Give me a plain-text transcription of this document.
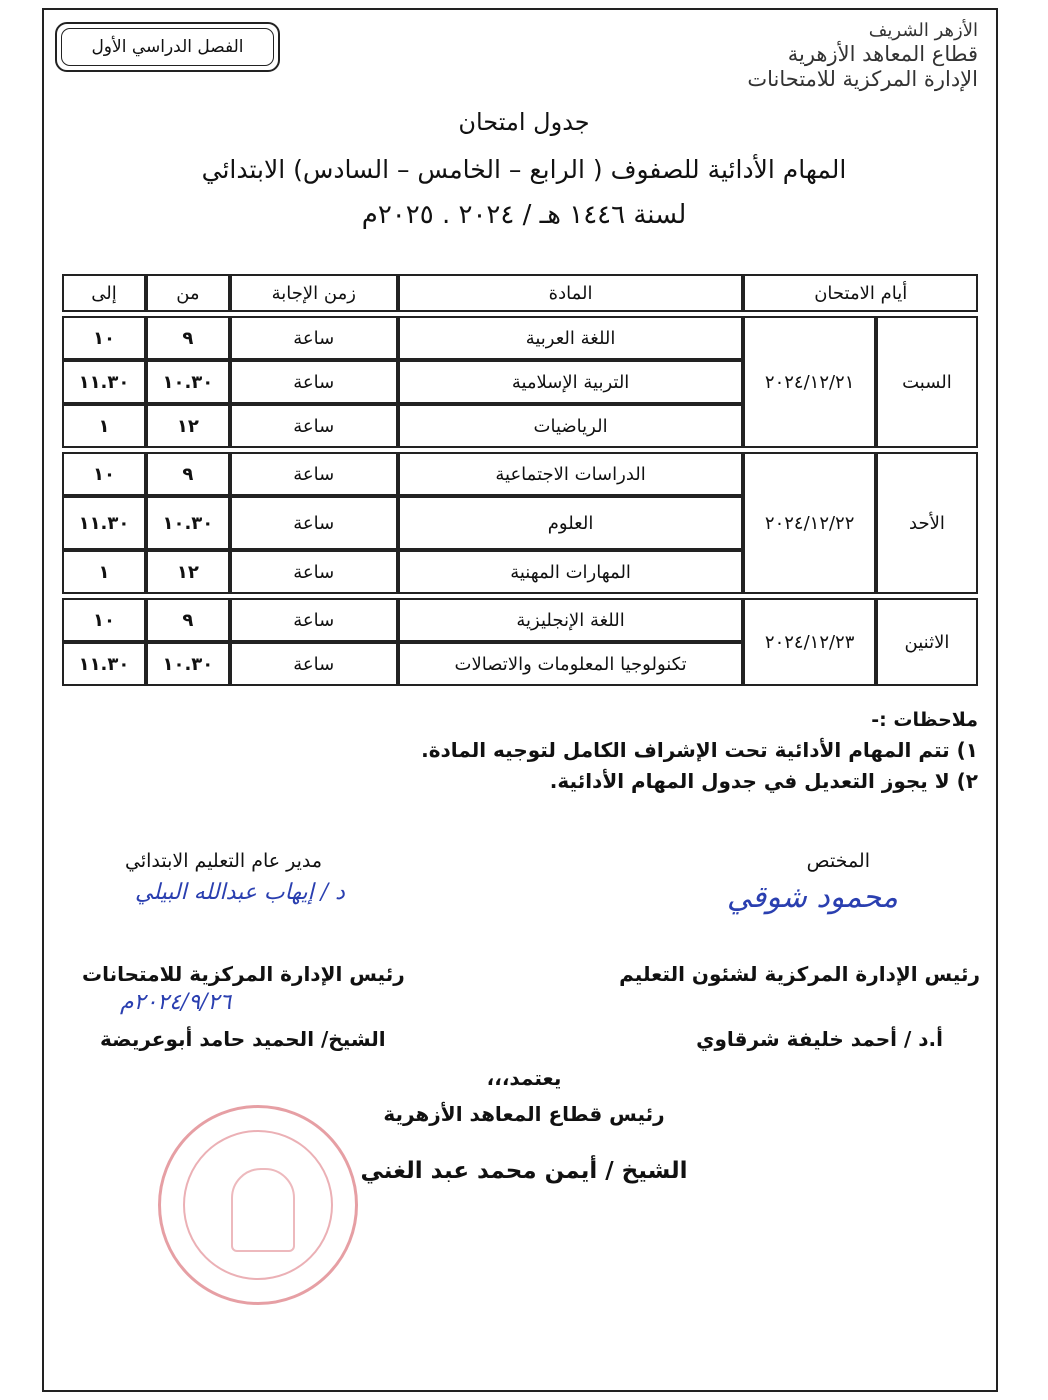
الفصل الدراسي الأول
الأزهر الشريف
قطاع المعاهد الأزهرية
الإدارة المركزية للامتحانات
جدول امتحان
المهام الأدائية للصفوف ( الرابع – الخامس – السادس) الابتدائي
لسنة ١٤٤٦ هـ / ٢٠٢٤ . ٢٠٢٥م
أيام الامتحان		المادة	زمن الإجابة	من	إلى

السبت	٢٠٢٤/١٢/٢١	اللغة العربية	ساعة	٩	١٠
		التربية الإسلامية	ساعة	١٠.٣٠	١١.٣٠
		الرياضيات	ساعة	١٢	١

الأحد	٢٠٢٤/١٢/٢٢	الدراسات الاجتماعية	ساعة	٩	١٠
		العلوم	ساعة	١٠.٣٠	١١.٣٠
		المهارات المهنية	ساعة	١٢	١

الاثنين	٢٠٢٤/١٢/٢٣	اللغة الإنجليزية	ساعة	٩	١٠
		تكنولوجيا المعلومات والاتصالات	ساعة	١٠.٣٠	١١.٣٠
ملاحظات :-
١) تتم المهام الأدائية تحت الإشراف الكامل لتوجيه المادة.
٢) لا يجوز التعديل في جدول المهام الأدائية.
المختص
محمود شوقي
مدير عام التعليم الابتدائي
د / إيهاب عبدالله البيلي
رئيس الإدارة المركزية لشئون التعليم
أ.د / أحمد خليفة شرقاوي
رئيس الإدارة المركزية للامتحانات
٢٠٢٤/٩/٢٦م
الشيخ/ الحميد حامد أبوعريضة
يعتمد،،،
رئيس قطاع المعاهد الأزهرية
الشيخ / أيمن محمد عبد الغني
